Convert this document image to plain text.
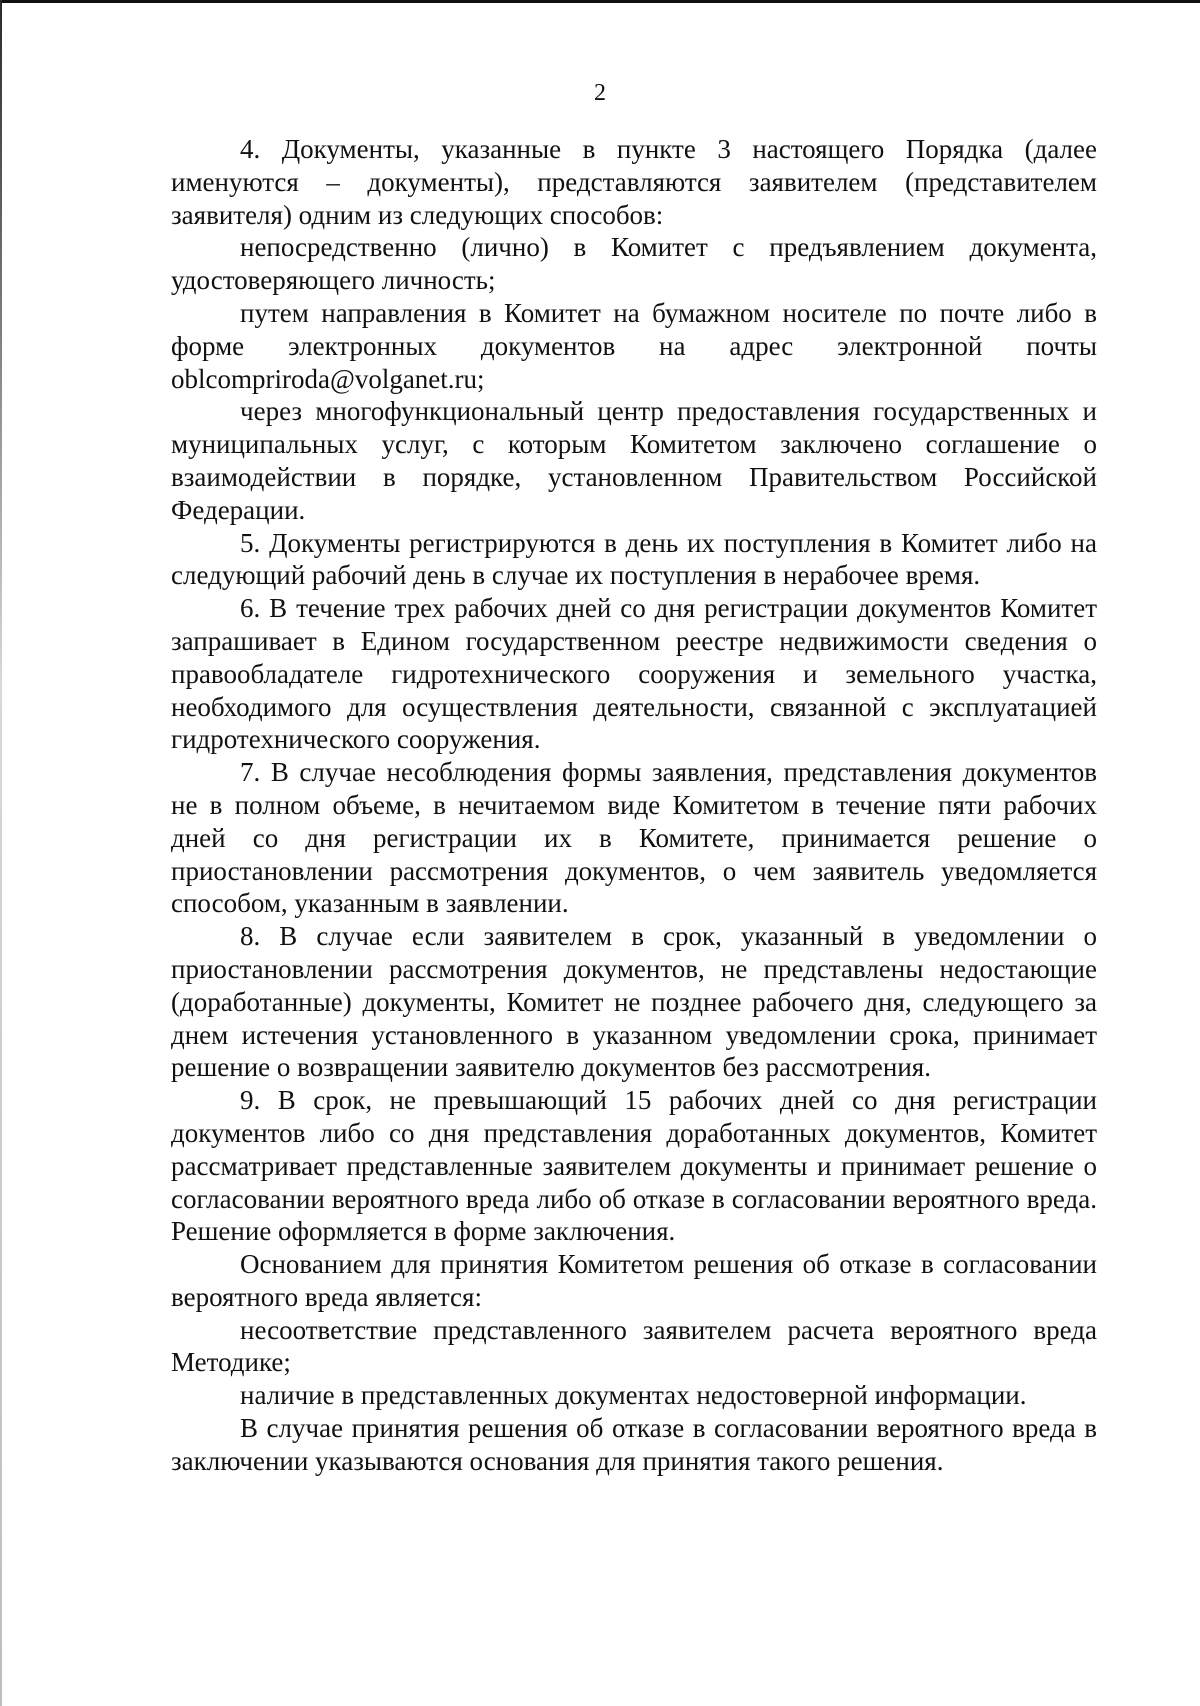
2

4. Документы, указанные в пункте 3 настоящего Порядка (далее именуются – документы), представляются заявителем (представителем заявителя) одним из следующих способов:

непосредственно (лично) в Комитет с предъявлением документа, удостоверяющего личность;

путем направления в Комитет на бумажном носителе по почте либо в форме электронных документов на адрес электронной почты oblcompriroda@volganet.ru;

через многофункциональный центр предоставления государственных и муниципальных услуг, с которым Комитетом заключено соглашение о взаимодействии в порядке, установленном Правительством Российской Федерации.

5. Документы регистрируются в день их поступления в Комитет либо на следующий рабочий день в случае их поступления в нерабочее время.

6. В течение трех рабочих дней со дня регистрации документов Комитет запрашивает в Едином государственном реестре недвижимости сведения о правообладателе гидротехнического сооружения и земельного участка, необходимого для осуществления деятельности, связанной с эксплуатацией гидротехнического сооружения.

7. В случае несоблюдения формы заявления, представления документов не в полном объеме, в нечитаемом виде Комитетом в течение пяти рабочих дней со дня регистрации их в Комитете, принимается решение о приостановлении рассмотрения документов, о чем заявитель уведомляется способом, указанным в заявлении.

8. В случае если заявителем в срок, указанный в уведомлении о приостановлении рассмотрения документов, не представлены недостающие (доработанные) документы, Комитет не позднее рабочего дня, следующего за днем истечения установленного в указанном уведомлении срока, принимает решение о возвращении заявителю документов без рассмотрения.

9. В срок, не превышающий 15 рабочих дней со дня регистрации документов либо со дня представления доработанных документов, Комитет рассматривает представленные заявителем документы и принимает решение о согласовании вероятного вреда либо об отказе в согласовании вероятного вреда. Решение оформляется в форме заключения.

Основанием для принятия Комитетом решения об отказе в согласовании вероятного вреда является:

несоответствие представленного заявителем расчета вероятного вреда Методике;

наличие в представленных документах недостоверной информации.

В случае принятия решения об отказе в согласовании вероятного вреда в заключении указываются основания для принятия такого решения.
